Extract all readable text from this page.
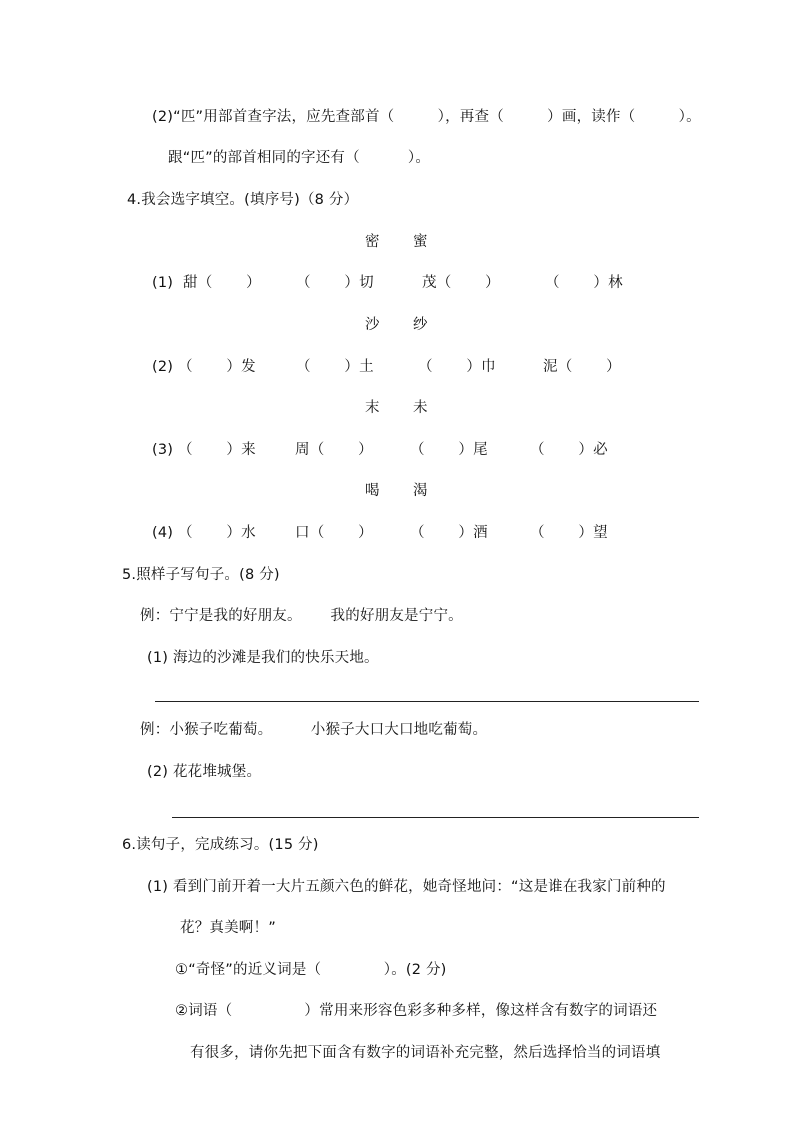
(2)“匹”用部首查字法，应先查部首（         ），再查（         ）画，读作（         ）。
跟“匹”的部首相同的字还有（          ）。
4.我会选字填空。(填序号)（8 分）
密 蜜
(1) 甜（       ） （       ）切	茂（       ）	（       ）林
沙 纱
(2) （       ）发	（       ）土	（       ）巾	泥（       ）
末 未
(3) （       ）来	周（       ）	（       ）尾	（       ）必
喝 渴
(4) （       ）水	口（       ）	（       ）酒	（       ）望
5.照样子写句子。(8 分)
例：宁宁是我的好朋友。      我的好朋友是宁宁。
(1) 海边的沙滩是我们的快乐天地。
例：小猴子吃葡萄。        小猴子大口大口地吃葡萄。
(2) 花花堆城堡。
6.读句子，完成练习。(15 分)
(1) 看到门前开着一大片五颜六色的鲜花，她奇怪地问：“这是谁在我家门前种的
花？真美啊！”
①“奇怪”的近义词是（             ）。(2 分)
②词语（               ）常用来形容色彩多种多样，像这样含有数字的词语还
有很多，请你先把下面含有数字的词语补充完整，然后选择恰当的词语填
